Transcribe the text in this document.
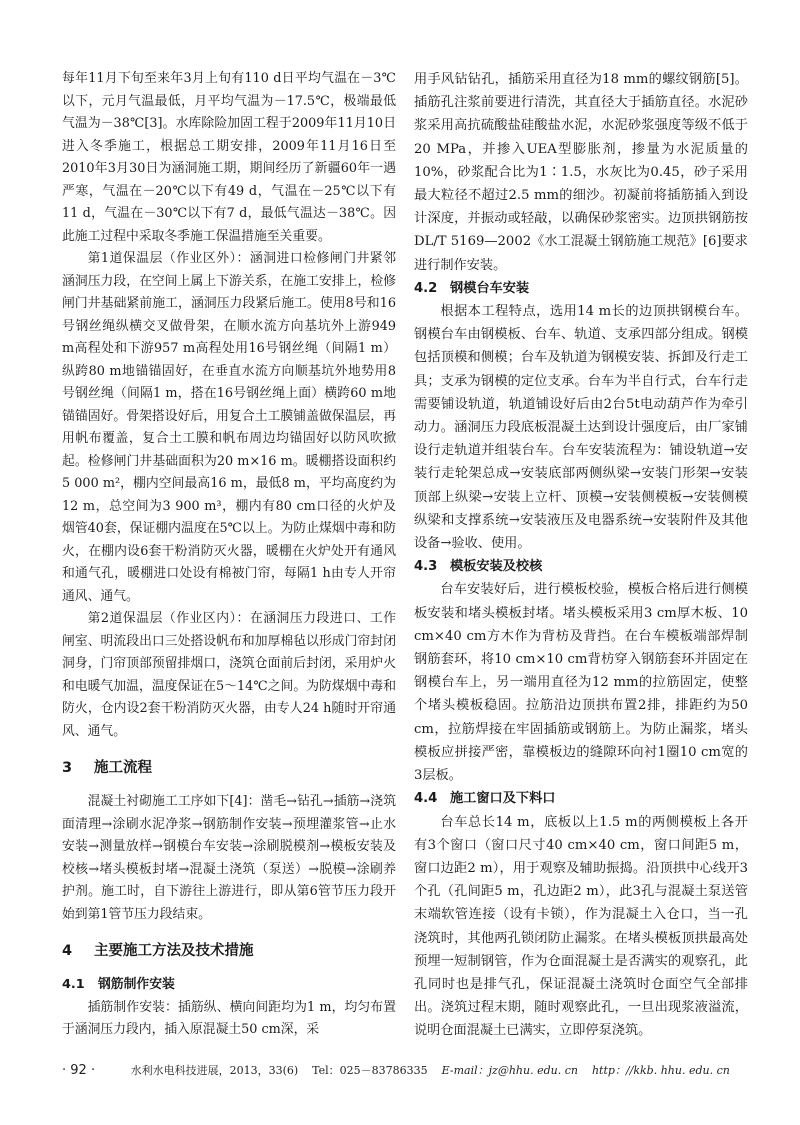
每年11月下旬至来年3月上旬有110 d日平均气温在－3℃以下，元月气温最低，月平均气温为－17.5℃，极端最低气温为－38℃[3]。水库除险加固工程于2009年11月10日进入冬季施工，根据总工期安排，2009年11月16日至2010年3月30日为涵洞施工期，期间经历了新疆60年一遇严寒，气温在－20℃以下有49 d，气温在－25℃以下有11 d，气温在－30℃以下有7 d，最低气温达－38℃。因此施工过程中采取冬季施工保温措施至关重要。

第1道保温层（作业区外）：涵洞进口检修闸门井紧邻涵洞压力段，在空间上属上下游关系，在施工安排上，检修闸门井基础紧前施工，涵洞压力段紧后施工。使用8号和16号钢丝绳纵横交叉做骨架，在顺水流方向基坑外上游949 m高程处和下游957 m高程处用16号钢丝绳（间隔1 m）纵跨80 m地锚锚固好，在垂直水流方向顺基坑外地势用8号钢丝绳（间隔1 m，搭在16号钢丝绳上面）横跨60 m地锚锚固好。骨架搭设好后，用复合土工膜铺盖做保温层，再用帆布覆盖，复合土工膜和帆布周边均锚固好以防风吹掀起。检修闸门井基础面积为20 m×16 m。暖棚搭设面积约5 000 m²，棚内空间最高16 m，最低8 m，平均高度约为12 m，总空间为3 900 m³，棚内有80 cm口径的火炉及烟管40套，保证棚内温度在5℃以上。为防止煤烟中毒和防火，在棚内设6套干粉消防灭火器，暖棚在火炉处开有通风和通气孔，暖棚进口处设有棉被门帘，每隔1 h由专人开帘通风、通气。

第2道保温层（作业区内）：在涵洞压力段进口、工作闸室、明流段出口三处搭设帆布和加厚棉毡以形成门帘封闭洞身，门帘顶部预留排烟口，浇筑仓面前后封闭，采用炉火和电暖气加温，温度保证在5～14℃之间。为防煤烟中毒和防火，仓内设2套干粉消防灭火器，由专人24 h随时开帘通风、通气。

3 施工流程

混凝土衬砌施工工序如下[4]：凿毛→钻孔→插筋→浇筑面清理→涂刷水泥净浆→钢筋制作安装→预埋灌浆管→止水安装→测量放样→钢模台车安装→涂刷脱模剂→模板安装及校核→堵头模板封堵→混凝土浇筑（泵送）→脱模→涂刷养护剂。施工时，自下游往上游进行，即从第6管节压力段开始到第1管节压力段结束。

4 主要施工方法及技术措施
4.1 钢筋制作安装

插筋制作安装：插筋纵、横向间距均为1 m，均匀布置于涵洞压力段内，插入原混凝土50 cm深，采

用手风钻钻孔，插筋采用直径为18 mm的螺纹钢筋[5]。插筋孔注浆前要进行清洗，其直径大于插筋直径。水泥砂浆采用高抗硫酸盐硅酸盐水泥，水泥砂浆强度等级不低于20 MPa，并掺入UEA型膨胀剂，掺量为水泥质量的10%，砂浆配合比为1∶1.5，水灰比为0.45，砂子采用最大粒径不超过2.5 mm的细沙。初凝前将插筋插入到设计深度，并振动或轻敲，以确保砂浆密实。边顶拱钢筋按DL/T 5169—2002《水工混凝土钢筋施工规范》[6]要求进行制作安装。

4.2 钢模台车安装

根据本工程特点，选用14 m长的边顶拱钢模台车。钢模台车由钢模板、台车、轨道、支承四部分组成。钢模包括顶模和侧模；台车及轨道为钢模安装、拆卸及行走工具；支承为钢模的定位支承。台车为半自行式，台车行走需要铺设轨道，轨道铺设好后由2台5t电动葫芦作为牵引动力。涵洞压力段底板混凝土达到设计强度后，由厂家铺设行走轨道并组装台车。台车安装流程为：铺设轨道→安装行走轮架总成→安装底部两侧纵梁→安装门形架→安装顶部上纵梁→安装上立杆、顶模→安装侧模板→安装侧模纵梁和支撑系统→安装液压及电器系统→安装附件及其他设备→验收、使用。

4.3 模板安装及校核

台车安装好后，进行模板校验，模板合格后进行侧模板安装和堵头模板封堵。堵头模板采用3 cm厚木板、10 cm×40 cm方木作为背枋及背挡。在台车模板端部焊制钢筋套环，将10 cm×10 cm背枋穿入钢筋套环并固定在钢模台车上，另一端用直径为12 mm的拉筋固定，使整个堵头模板稳固。拉筋沿边顶拱布置2排，排距约为50 cm，拉筋焊接在牢固插筋或钢筋上。为防止漏浆，堵头模板应拼接严密，靠模板边的缝隙环向衬1圈10 cm宽的3层板。

4.4 施工窗口及下料口

台车总长14 m，底板以上1.5 m的两侧模板上各开有3个窗口（窗口尺寸40 cm×40 cm，窗口间距5 m，窗口边距2 m），用于观察及辅助振捣。沿顶拱中心线开3个孔（孔间距5 m，孔边距2 m），此3孔与混凝土泵送管末端软管连接（设有卡锁），作为混凝土入仓口，当一孔浇筑时，其他两孔锁闭防止漏浆。在堵头模板顶拱最高处预埋一短制钢管，作为仓面混凝土是否满实的观察孔，此孔同时也是排气孔，保证混凝土浇筑时仓面空气全部排出。浇筑过程末期，随时观察此孔，一旦出现浆液溢流，说明仓面混凝土已满实，立即停泵浇筑。

· 92 ·	水利水电科技进展，2013，33(6) Tel：025－83786335 E-mail：jz@hhu. edu. cn http：//kkb. hhu. edu. cn
